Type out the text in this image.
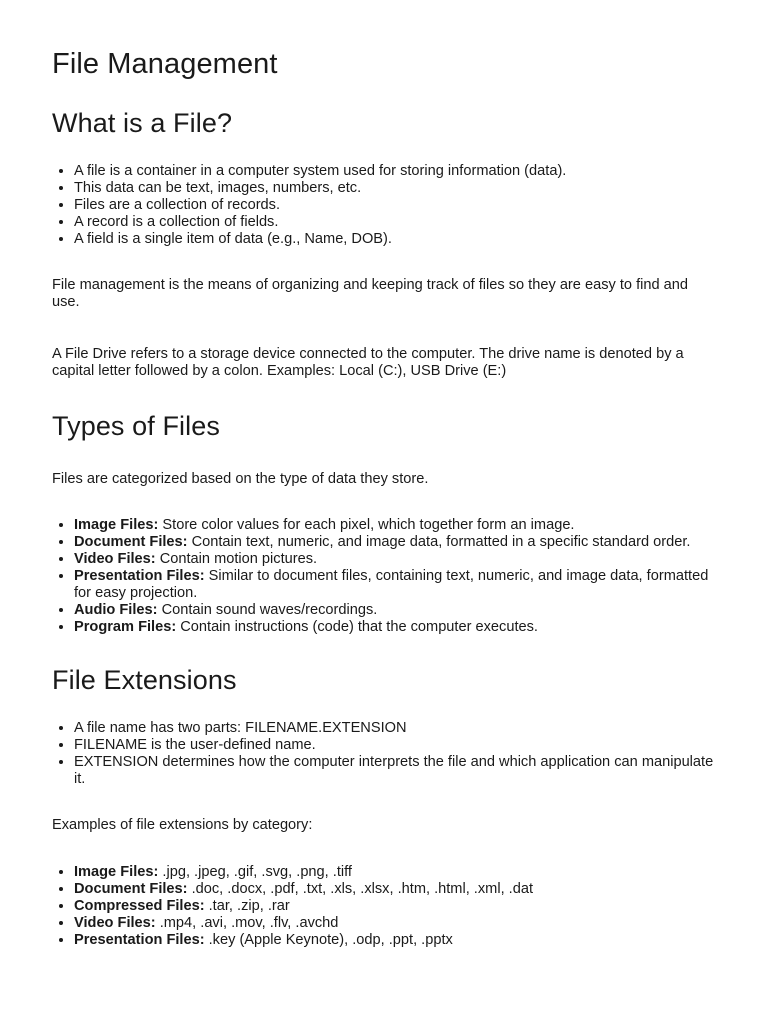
File Management
What is a File?
• A file is a container in a computer system used for storing information (data).
• This data can be text, images, numbers, etc.
• Files are a collection of records.
• A record is a collection of fields.
• A field is a single item of data (e.g., Name, DOB).

File management is the means of organizing and keeping track of files so they are easy to find and use.

A File Drive refers to a storage device connected to the computer. The drive name is denoted by a capital letter followed by a colon. Examples: Local (C:), USB Drive (E:)

Types of Files

Files are categorized based on the type of data they store.

• Image Files: Store color values for each pixel, which together form an image.
• Document Files: Contain text, numeric, and image data, formatted in a specific standard order.
• Video Files: Contain motion pictures.
• Presentation Files: Similar to document files, containing text, numeric, and image data, formatted for easy projection.
• Audio Files: Contain sound waves/recordings.
• Program Files: Contain instructions (code) that the computer executes.
File Extensions
• A file name has two parts: FILENAME.EXTENSION
• FILENAME is the user-defined name.
• EXTENSION determines how the computer interprets the file and which application can manipulate it.

Examples of file extensions by category:

• Image Files: .jpg, .jpeg, .gif, .svg, .png, .tiff
• Document Files: .doc, .docx, .pdf, .txt, .xls, .xlsx, .htm, .html, .xml, .dat
• Compressed Files: .tar, .zip, .rar
• Video Files: .mp4, .avi, .mov, .flv, .avchd
• Presentation Files: .key (Apple Keynote), .odp, .ppt, .pptx
